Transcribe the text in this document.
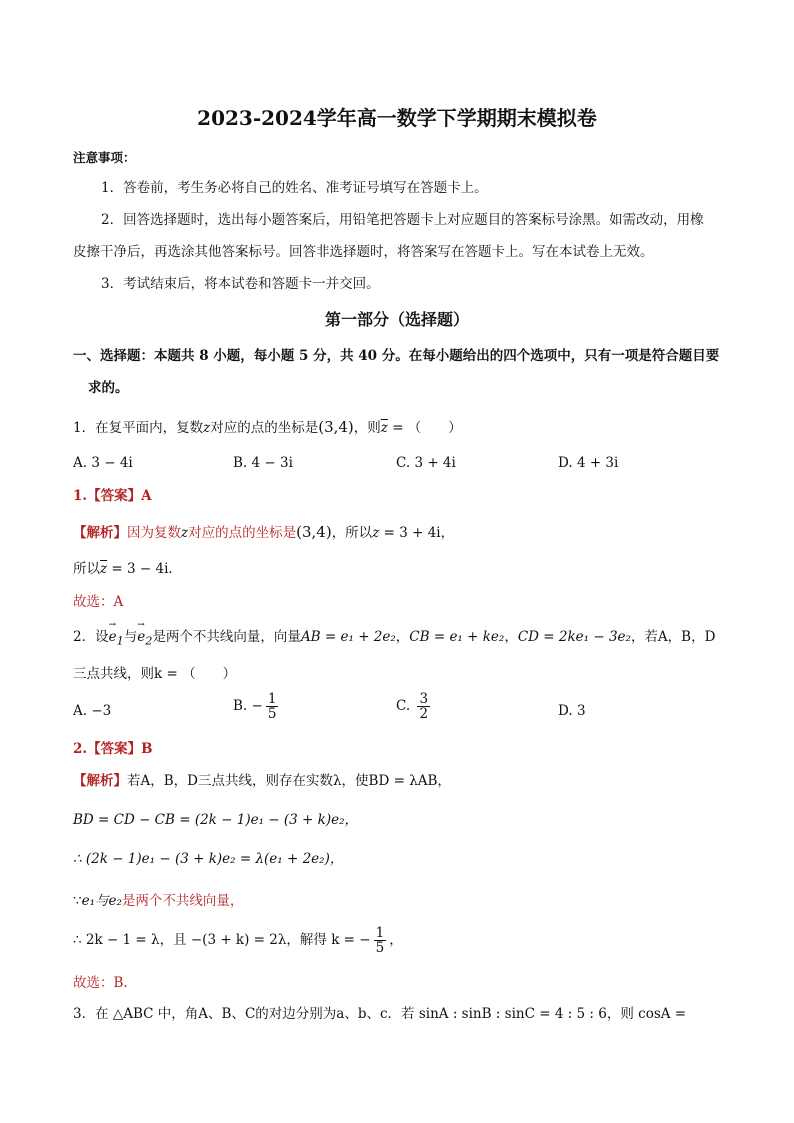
2023-2024学年高一数学下学期期末模拟卷
注意事项：
1．答卷前，考生务必将自己的姓名、准考证号填写在答题卡上。
2．回答选择题时，选出每小题答案后，用铅笔把答题卡上对应题目的答案标号涂黑。如需改动，用橡
皮擦干净后，再选涂其他答案标号。回答非选择题时，将答案写在答题卡上。写在本试卷上无效。
3．考试结束后，将本试卷和答题卡一并交回。
第一部分（选择题）
一、选择题：本题共 8 小题，每小题 5 分，共 40 分。在每小题给出的四个选项中，只有一项是符合题目要
求的。
1．在复平面内，复数z对应的点的坐标是(3,4)，则$\overline{z}$ = （　　）
A. 3 − 4i	B. 4 − 3i	C. 3 + 4i	D. 4 + 3i
1.【答案】A
【解析】因为复数z对应的点的坐标是(3,4)，所以z = 3 + 4i，
所以$\overline{z} = 3 - 4i$．
故选：A
2．设→ $e_1$与→ $e_2$是两个不共线向量，向量AB = e₁ + 2e₂，CB = e₁ + ke₂，CD = 2ke₁ − 3e₂，若A，B，D
三点共线，则k = （　　）
A. −3	B. − $\frac{1}{5}$	C. $\frac{3}{2}$	D. 3
2.【答案】B
【解析】若A，B，D三点共线，则存在实数λ，使BD = λAB，
BD = CD − CB = (2k − 1)e₁ − (3 + k)e₂，
∴ (2k − 1)e₁ − (3 + k)e₂ = λ(e₁ + 2e₂)，
∵e₁与e₂是两个不共线向量，
∴ 2k − 1 = λ，且 −(3 + k) = 2λ，解得 k = − $\frac{1}{5}$ ，
故选：B.
3．在 △ABC 中，角A、B、C的对边分别为a、b、c．若 sinA : sinB : sinC = 4 : 5 : 6，则 cosA =
